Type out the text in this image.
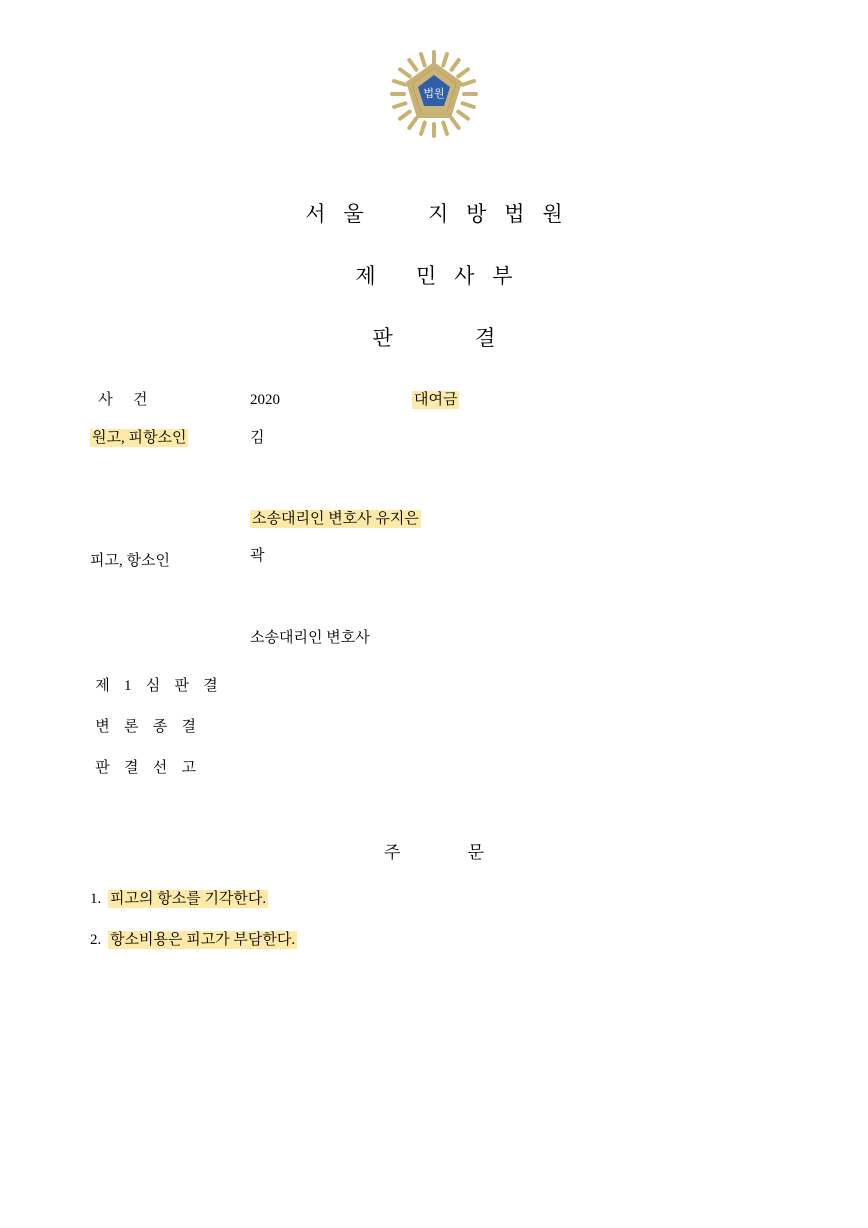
법원
서 울	지 방 법 원
제 민 사 부
판	결
사 건	2020	대여금
원고, 피항소인	김
소송대리인 변호사 유지은
피고, 항소인	곽
소송대리인 변호사
제 1 심 판 결
변 론 종 결
판 결 선 고
주	문
1. 피고의 항소를 기각한다.
2. 항소비용은 피고가 부담한다.
